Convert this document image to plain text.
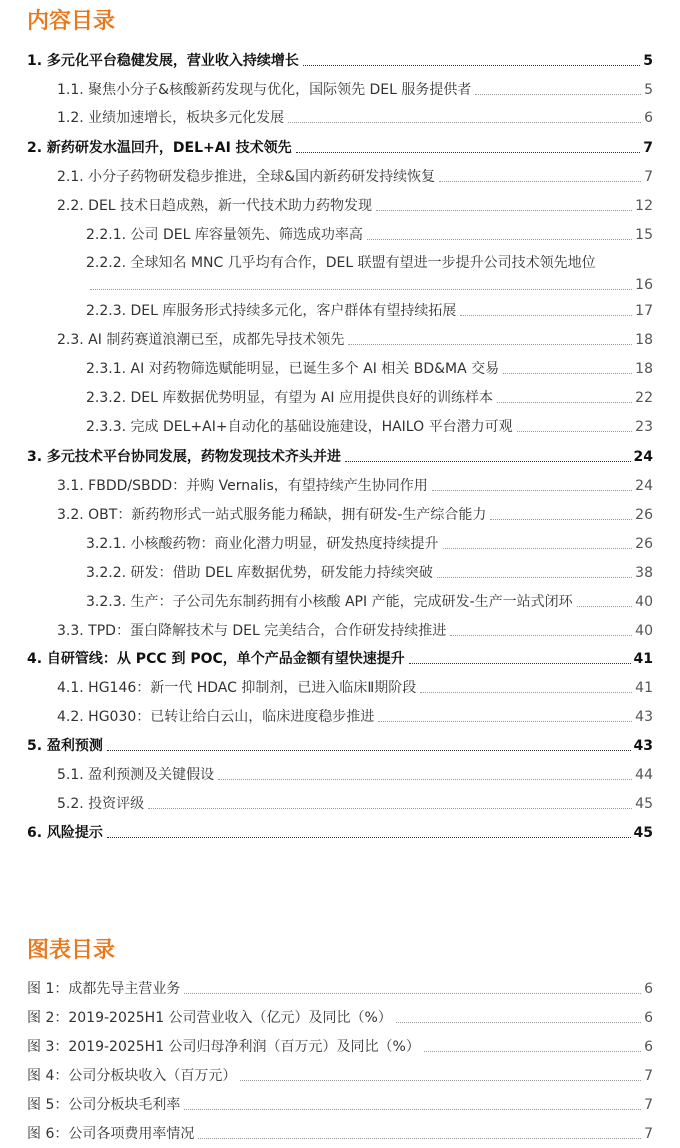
内容目录
1. 多元化平台稳健发展，营业收入持续增长	5
1.1. 聚焦小分子&核酸新药发现与优化，国际领先 DEL 服务提供者	5
1.2. 业绩加速增长，板块多元化发展	6
2. 新药研发水温回升，DEL+AI 技术领先	7
2.1. 小分子药物研发稳步推进，全球&国内新药研发持续恢复	7
2.2. DEL 技术日趋成熟，新一代技术助力药物发现	12
2.2.1. 公司 DEL 库容量领先、筛选成功率高	15
2.2.2. 全球知名 MNC 几乎均有合作，DEL 联盟有望进一步提升公司技术领先地位
16
2.2.3. DEL 库服务形式持续多元化，客户群体有望持续拓展	17
2.3. AI 制药赛道浪潮已至，成都先导技术领先	18
2.3.1. AI 对药物筛选赋能明显，已诞生多个 AI 相关 BD&MA 交易	18
2.3.2. DEL 库数据优势明显，有望为 AI 应用提供良好的训练样本	22
2.3.3. 完成 DEL+AI+自动化的基础设施建设，HAILO 平台潜力可观	23
3. 多元技术平台协同发展，药物发现技术齐头并进	24
3.1. FBDD/SBDD：并购 Vernalis，有望持续产生协同作用	24
3.2. OBT：新药物形式一站式服务能力稀缺，拥有研发-生产综合能力	26
3.2.1. 小核酸药物：商业化潜力明显，研发热度持续提升	26
3.2.2. 研发：借助 DEL 库数据优势，研发能力持续突破	38
3.2.3. 生产：子公司先东制药拥有小核酸 API 产能，完成研发-生产一站式闭环	40
3.3. TPD：蛋白降解技术与 DEL 完美结合，合作研发持续推进	40
4. 自研管线：从 PCC 到 POC，单个产品金额有望快速提升	41
4.1. HG146：新一代 HDAC 抑制剂，已进入临床Ⅱ期阶段	41
4.2. HG030：已转让给白云山，临床进度稳步推进	43
5. 盈利预测	43
5.1. 盈利预测及关键假设	44
5.2. 投资评级	45
6. 风险提示	45
图表目录
图 1：成都先导主营业务	6
图 2：2019-2025H1 公司营业收入（亿元）及同比（%）	6
图 3：2019-2025H1 公司归母净利润（百万元）及同比（%）	6
图 4：公司分板块收入（百万元）	7
图 5：公司分板块毛利率	7
图 6：公司各项费用率情况	7
